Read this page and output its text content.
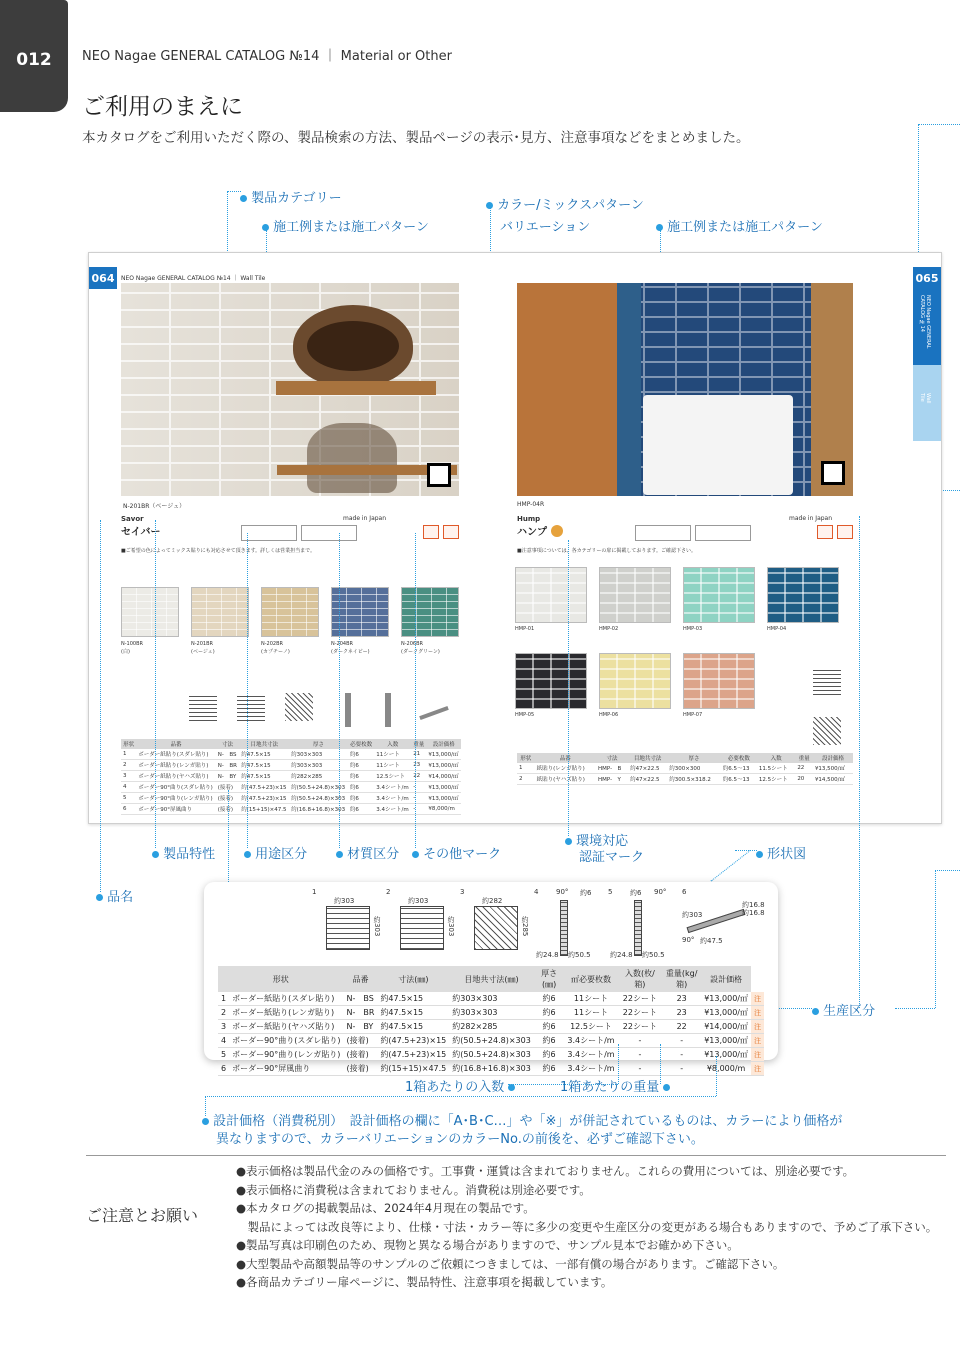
012	NEO Nagae GENERAL CATALOG №14 ｜ Material or Other
ご利用のまえに
本カタログをご利用いただく際の、製品検索の方法、製品ページの表示･見方、注意事項などをまとめました。
製品カテゴリー
施工例または施工パターン
カラー/ミックスパターン
バリエーション	施工例または施工パターン
064	NEO Nagae GENERAL CATALOG №14 ｜ Wall Tile
N-201BR（ベージュ）
Savor
セイバー
made in Japan
■ご希望の色によってミックス貼りにも対応させて頂きます。詳しくは営業担当まで。
N-100BR
(白)
N-201BR
(ベージュ)
N-202BR
(カプチーノ)
N-204BR
(ダークネイビー)
N-206BR
(ダークグリーン)
形状	品番	寸法	目地共寸法	厚さ	必要枚数	入数	重量	設計価格
1	ボーダー紙貼り(スダレ貼り)	N-　BS	約47.5×15	約303×303	約6	11シート	21	¥13,000/㎡
2	ボーダー紙貼り(レンガ貼り)	N-　BR	約47.5×15	約303×303	約6	11シート	23	¥13,000/㎡
3	ボーダー紙貼り(ヤハズ貼り)	N-　BY	約47.5×15	約282×285	約6	12.5シート	22	¥14,000/㎡
4	ボーダー90°曲り(スダレ貼り)	(接着)	約(47.5+23)×15	約(50.5+24.8)×303	約6	3.4シート/m	-	¥13,000/㎡
5	ボーダー90°曲り(レンガ貼り)	(接着)	約(47.5+23)×15	約(50.5+24.8)×303	約6	3.4シート/m	-	¥13,000/㎡
6	ボーダー90°屏風曲り	(接着)	約(15+15)×47.5	約(16.8+16.8)×303	約6	3.4シート/m	-	¥8,000/m
065
NEO Nagae GENERAL CATALOG №14
Wall Tile
HMP-04R
Hump
ハンプ
made in Japan
■注意事項については、各カテゴリーの扉に掲載しております。ご確認下さい。
HMP-01	HMP-02	HMP-03	HMP-04
HMP-05	HMP-06	HMP-07
形状	品番	寸法	目地共寸法	厚さ	必要枚数	入数	重量	設計価格
1	紙貼り(レンガ貼り)	HMP-　B	約47×22.5	約300×300	約6.5〜13	11.5シート	22	¥13,500/㎡
2	紙貼り(ヤハズ貼り)	HMP-　Y	約47×22.5	約300.5×318.2	約6.5〜13	12.5シート	20	¥14,500/㎡
製品特性	用途区分	材質区分	その他マーク
環境対応
認証マーク	形状図
品名
生産区分
1
約303
約303
2
約303
約303
3
約282
約285
4	90° 約6
約24.8 約50.5
5	約6 90°
約24.8 約50.5
6
約16.8
約16.8
約303
90° 約47.5
形状		品番	寸法(㎜)	目地共寸法(㎜)	厚さ(㎜)	㎡必要枚数	入数(枚/箱)	重量(kg/箱)	設計価格	
1	ボーダー紙貼り(スダレ貼り)	N-　BS	約47.5×15	約303×303	約6	11シート	22シート	23	¥13,000/㎡	注
2	ボーダー紙貼り(レンガ貼り)	N-　BR	約47.5×15	約303×303	約6	11シート	22シート	23	¥13,000/㎡	注
3	ボーダー紙貼り(ヤハズ貼り)	N-　BY	約47.5×15	約282×285	約6	12.5シート	22シート	22	¥14,000/㎡	注
4	ボーダー90°曲り(スダレ貼り)	(接着)	約(47.5+23)×15	約(50.5+24.8)×303	約6	3.4シート/m	-	-	¥13,000/㎡	注
5	ボーダー90°曲り(レンガ貼り)	(接着)	約(47.5+23)×15	約(50.5+24.8)×303	約6	3.4シート/m	-	-	¥13,000/㎡	注
6	ボーダー90°屏風曲り	(接着)	約(15+15)×47.5	約(16.8+16.8)×303	約6	3.4シート/m	-	-	¥8,000/m	注
1箱あたりの入数	1箱あたりの重量
設計価格（消費税別）　設計価格の欄に「A･B･C…」や「※」が併記されているものは、カラーにより価格が
異なりますので、カラーバリエーションのカラーNo.の前後を、必ずご確認下さい。
ご注意とお願い
●表示価格は製品代金のみの価格です。工事費・運賃は含まれておりません。これらの費用については、別途必要です。
●表示価格に消費税は含まれておりません。消費税は別途必要です。
●本カタログの掲載製品は、2024年4月現在の製品です。
　製品によっては改良等により、仕様・寸法・カラー等に多少の変更や生産区分の変更がある場合もありますので、予めご了承下さい。
●製品写真は印刷色のため、現物と異なる場合がありますので、サンプル見本でお確かめ下さい。
●大型製品や高額製品等のサンプルのご依頼につきましては、一部有償の場合があります。ご確認下さい。
●各商品カテゴリー扉ページに、製品特性、注意事項を掲載しています。
